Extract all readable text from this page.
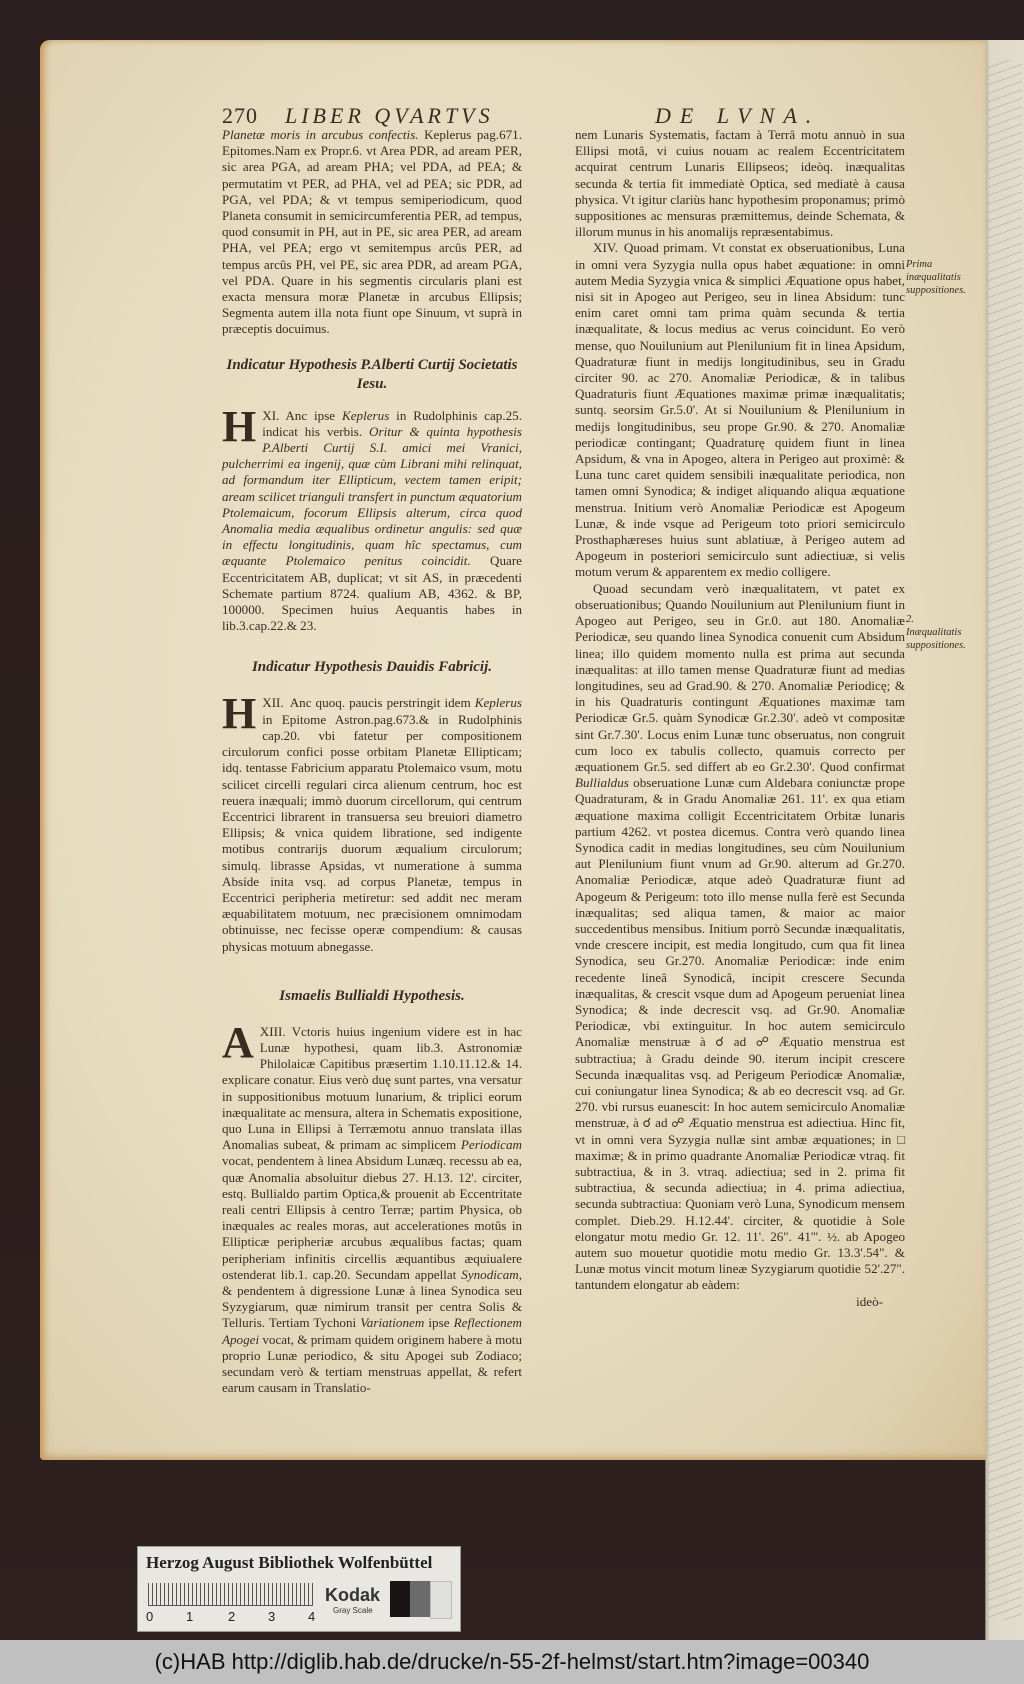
270 LIBER QVARTVS	DE LVNA.

Planetæ moris in arcubus confectis. Keplerus pag.671. Epitomes.Nam ex Propr.6. vt Area PDR, ad aream PER, sic area PGA, ad aream PHA; vel PDA, ad PEA; & permutatim vt PER, ad PHA, vel ad PEA; sic PDR, ad PGA, vel PDA; & vt tempus semiperiodicum, quod Planeta consumit in semicircumferentia PER, ad tempus, quod consumit in PH, aut in PE, sic area PER, ad aream PHA, vel PEA; ergo vt semitempus arcûs PER, ad tempus arcûs PH, vel PE, sic area PDR, ad aream PGA, vel PDA. Quare in his segmentis circularis plani est exacta mensura moræ Planetæ in arcubus Ellipsis; Segmenta autem illa nota fiunt ope Sinuum, vt suprà in præceptis docuimus.

Indicatur Hypothesis P.Alberti Curtij Societatis Iesu.

XI.
H Anc ipse Keplerus in Rudolphinis cap.25. indicat his verbis. Oritur & quinta hypothesis P.Alberti Curtij S.I. amici mei Vranici, pulcherrimi ea ingenij, quæ cùm Librani mihi relinquat, ad formandum iter Ellipticum, vectem tamen eripit; aream scilicet trianguli transfert in punctum æquatorium Ptolemaicum, focorum Ellipsis alterum, circa quod Anomalia media æqualibus ordinetur angulis: sed quæ in effectu longitudinis, quam hîc spectamus, cum æquante Ptolemaico penitus coincidit. Quare Eccentricitatem AB, duplicat; vt sit AS, in præcedenti Schemate partium 8724. qualium AB, 4362. & BP, 100000. Specimen huius Aequantis habes in lib.3.cap.22.& 23.

Indicatur Hypothesis Dauidis Fabricij.

XII.
H	Anc quoq. paucis perstringit idem Keplerus in Epitome Astron.pag.673.& in Rudolphinis cap.20. vbi fatetur per compositionem circulorum confici posse orbitam Planetæ Ellipticam; idq. tentasse Fabricium apparatu Ptolemaico vsum, motu scilicet circelli regulari circa alienum centrum, hoc est reuera inæquali; immò duorum circellorum, qui centrum Eccentrici librarent in transuersa seu breuiori diametro Ellipsis; & vnica quidem libratione, sed indigente motibus contrarijs duorum æqualium circulorum; simulq. librasse Apsidas, vt numeratione à summa Absíde inita vsq. ad corpus Planetæ, tempus in Eccentrici peripheria metiretur: sed addit nec meram æquabilitatem motuum, nec præcisionem omnimodam obtinuisse, nec fecisse operæ compendium: & causas physicas motuum abnegasse.

Ismaelis Bullialdi Hypothesis.

XIII.
A	Vctoris huius ingenium videre est in hac Lunæ hypothesi, quam lib.3. Astronomiæ Philolaicæ Capitibus præsertim 1.10.11.12.& 14. explicare conatur. Eius verò duę sunt partes, vna versatur in suppositionibus motuum lunarium, & triplici eorum inæqualitate ac mensura, altera in Schematis expositione, quo Luna in Ellipsi à Terræmotu annuo translata illas Anomalias subeat, & primam ac simplicem Periodicam vocat, pendentem à linea Absidum Lunæq. recessu ab ea, quæ Anomalia absoluitur diebus 27. H.13. 12'. circiter, estq. Bullialdo partim Optica,& prouenit ab Eccentritate reali centri Ellipsis à centro Terræ; partim Physica, ob inæquales ac reales moras, aut accelerationes motûs in Ellipticæ peripheriæ arcubus æqualibus factas; quam peripheriam infinitis circellis æquantibus æquiualere ostenderat lib.1. cap.20. Secundam appellat Synodicam, & pendentem à digressione Lunæ à linea Synodica seu Syzygiarum, quæ nimirum transit per centra Solis & Telluris. Tertiam Tychoni Variationem ipse Reflectionem Apogei vocat, & primam quidem originem habere à motu proprio Lunæ periodico, & situ Apogei sub Zodiaco; secundam verò & tertiam menstruas appellat, & refert earum causam in Translatio-

nem Lunaris Systematis, factam à Terrâ motu annuò in sua Ellipsi motâ, vi cuius nouam ac realem Eccentricitatem acquirat centrum Lunaris Ellipseos; ideòq. inæqualitas secunda & tertia fit immediatè Optica, sed mediatè à causa physica. Vt igitur clariùs hanc hypothesim proponamus; primò suppositiones ac mensuras præmittemus, deinde Schemata, & illorum munus in his anomalijs repræsentabimus.

XIV. Quoad primam. Vt constat ex obseruationibus, Luna in omni vera Syzygia nulla opus habet æquatione: in omni autem Media Syzygia vnica & simplici Æquatione opus habet, nisi sit in Apogeo aut Perigeo, seu in linea Absidum: tunc enim caret omni tam prima quàm secunda & tertia inæqualitate, & locus medius ac verus coincidunt. Eo verò mense, quo Nouilunium aut Plenilunium fit in linea Apsidum, Quadraturæ fiunt in medijs longitudinibus, seu in Gradu circiter 90. ac 270. Anomaliæ Periodicæ, & in talibus Quadraturis fiunt Æquationes maximæ primæ inæqualitatis; suntq. seorsim Gr.5.0'. At si Nouilunium & Plenilunium in medijs longitudinibus, seu prope Gr.90. & 270. Anomaliæ periodicæ contingant; Quadraturę quidem fiunt in linea Apsidum, & vna in Apogeo, altera in Perigeo aut proximè: & Luna tunc caret quidem sensibili inæqualitate periodica, non tamen omni Synodica; & indiget aliquando aliqua æquatione menstrua. Initium verò Anomaliæ Periodicæ est Apogeum Lunæ, & inde vsque ad Perigeum toto priori semicirculo Prosthaphæreses huius sunt ablatiuæ, à Perigeo autem ad Apogeum in posteriori semicirculo sunt adiectiuæ, si velis motum verum & apparentem ex medio colligere.

Quoad secundam verò inæqualitatem, vt patet ex obseruationibus; Quando Nouilunium aut Plenilunium fiunt in Apogeo aut Perigeo, seu in Gr.0. aut 180. Anomaliæ Periodicæ, seu quando linea Synodica conuenit cum Absidum linea; illo quidem momento nulla est prima aut secunda inæqualitas: at illo tamen mense Quadraturæ fiunt ad medias longitudines, seu ad Grad.90. & 270. Anomaliæ Periodicę; & in his Quadraturis contingunt Æquationes maximæ tam Periodicæ Gr.5. quàm Synodicæ Gr.2.30'. adeò vt compositæ sint Gr.7.30'. Locus enim Lunæ tunc obseruatus, non congruit cum loco ex tabulis collecto, quamuis correcto per æquationem Gr.5. sed differt ab eo Gr.2.30'. Quod confirmat Bullialdus obseruatione Lunæ cum Aldebara coniunctæ prope Quadraturam, & in Gradu Anomaliæ 261. 11'. ex qua etiam æquatione maxima colligit Eccentricitatem Orbitæ lunaris partium 4262. vt postea dicemus. Contra verò quando linea Synodica cadit in medias longitudines, seu cùm Nouilunium aut Plenilunium fiunt vnum ad Gr.90. alterum ad Gr.270. Anomaliæ Periodicæ, atque adeò Quadraturæ fiunt ad Apogeum & Perigeum: toto illo mense nulla ferè est Secunda inæqualitas; sed aliqua tamen, & maior ac maior succedentibus mensibus. Initium porrò Secundæ inæqualitatis, vnde crescere incipit, est media longitudo, cum qua fit linea Synodica, seu Gr.270. Anomaliæ Periodicæ: inde enim recedente lineâ Synodicâ, incipit crescere Secunda inæqualitas, & crescit vsque dum ad Apogeum perueniat linea Synodica; & inde decrescit vsq. ad Gr.90. Anomaliæ Periodicæ, vbi extinguitur. In hoc autem semicirculo Anomaliæ menstruæ à ☌ ad ☍ Æquatio menstrua est subtractiua; à Gradu deinde 90. iterum incipit crescere Secunda inæqualitas vsq. ad Perigeum Periodicæ Anomaliæ, cui coniungatur linea Synodica; & ab eo decrescit vsq. ad Gr. 270. vbi rursus euanescit: In hoc autem semicirculo Anomaliæ menstruæ, à ☌ ad ☍ Æquatio menstrua est adiectiua. Hinc fit, vt in omni vera Syzygia nullæ sint ambæ æquationes; in □ maximæ; & in primo quadrante Anomaliæ Periodicæ vtraq. fit subtractiua, & in 3. vtraq. adiectiua; sed in 2. prima fit subtractiua, & secunda adiectiua; in 4. prima adiectiua, secunda subtractiua: Quoniam verò Luna, Synodicum mensem complet. Dieb.29. H.12.44'. circiter, & quotidie à Sole elongatur motu medio Gr. 12. 11'. 26". 41'''. ½. ab Apogeo autem suo mouetur quotidie motu medio Gr. 13.3'.54". & Lunæ motus vincit motum lineæ Syzygiarum quotidie 52'.27". tantundem elongatur ab eàdem:

ideò-

Prima inæqualitatis suppositiones.
2. Inæqualitatis suppositiones.
Herzog August Bibliothek Wolfenbüttel
0	1	2	3	4
Kodak
Gray Scale
(c)HAB http://diglib.hab.de/drucke/n-55-2f-helmst/start.htm?image=00340
